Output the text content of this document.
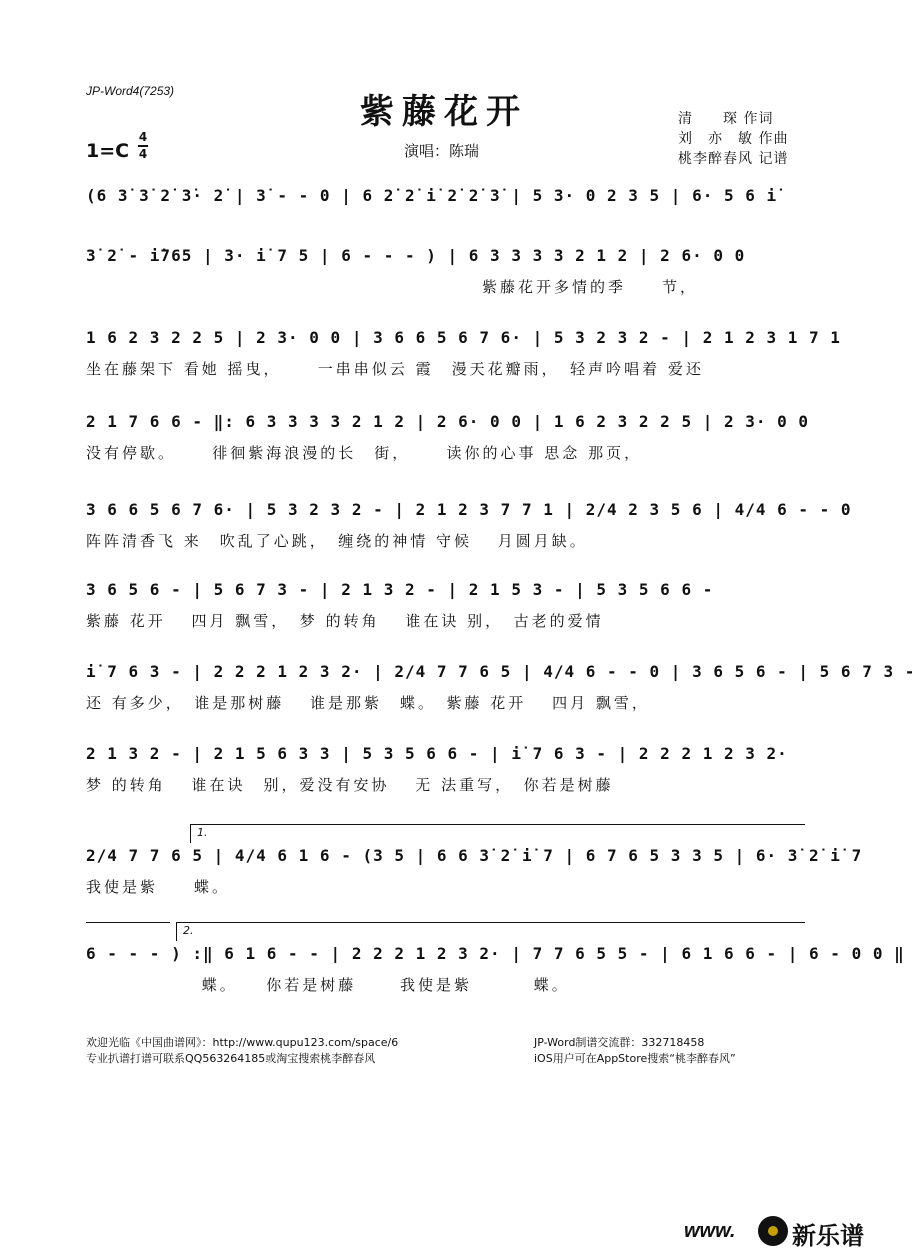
JP-Word4(7253)
紫藤花开
1=C
4
4	演唱：陈瑞
清　　琛 作词
刘　亦　敏 作曲
桃李醉春风 记谱
(6 3̇ 3̇ 2̇ 3̇· 2̇ | 3̇ - - 0 | 6 2̇ 2̇ i̇ 2̇ 2̇ 3̇ | 5 3· 0 2 3 5 | 6· 5 6 i̇
3̇ 2̇ - i̇765 | 3· i̇ 7 5 | 6 - - - ) | 6 3 3 3 3 2 1 2 | 2 6· 0 0
　　　　　　　　　　　　　　　　　　　　　　紫藤花开多情的季　　节，
1 6 2 3 2 2 5 | 2 3· 0 0 | 3 6 6 5 6 7 6· | 5 3 2 3 2 - | 2 1 2 3 1 7 1
坐在藤架下 看她 摇曳，　　 一串串似云 霞　漫天花瓣雨，　轻声吟唱着 爱还
2 1 7 6 6 - ‖: 6 3 3 3 3 2 1 2 | 2 6· 0 0 | 1 6 2 3 2 2 5 | 2 3· 0 0
没有停歇。　　 徘徊紫海浪漫的长　街，　　 读你的心事 思念 那页，
3 6 6 5 6 7 6· | 5 3 2 3 2 - | 2 1 2 3 7 7 1 | 2/4 2 3 5 6 | 4/4 6 - - 0
阵阵清香飞 来　吹乱了心跳，　缠绕的神情 守候　 月圆月缺。
3 6 5 6 - | 5 6 7 3 - | 2 1 3 2 - | 2 1 5 3 - | 5 3 5 6 6 -
紫藤 花开　 四月 飘雪，　梦 的转角　 谁在诀 别，　古老的爱情
i̇ 7 6 3 - | 2 2 2 1 2 3 2· | 2/4 7 7 6 5 | 4/4 6 - - 0 | 3 6 5 6 - | 5 6 7 3 -
还 有多少，　谁是那树藤　 谁是那紫　蝶。　紫藤 花开　 四月 飘雪，
2 1 3 2 - | 2 1 5 6 3 3 | 5 3 5 6 6 - | i̇ 7 6 3 - | 2 2 2 1 2 3 2·
梦 的转角　 谁在诀　别，爱没有安协　 无 法重写，　你若是树藤
1.
2/4 7 7 6 5 | 4/4 6 1 6 - (3 5 | 6 6 3̇ 2̇ i̇ 7 | 6 7 6 5 3 3 5 | 6· 3̇ 2̇ i̇ 7
我使是紫　　蝶。
2.
6 - - - ) :‖ 6 1 6 - - | 2 2 2 1 2 3 2· | 7 7 6 5 5 - | 6 1 6 6 - | 6 - 0 0 ‖
　　　　　　 蝶。　　你若是树藤　　 我使是紫　　　 蝶。
欢迎光临《中国曲谱网》：http://www.qupu123.com/space/6
专业扒谱打谱可联系QQ563264185或淘宝搜索桃李醉春风
JP-Word制谱交流群：332718458
iOS用户可在AppStore搜索“桃李醉春风”
www. 新乐谱
